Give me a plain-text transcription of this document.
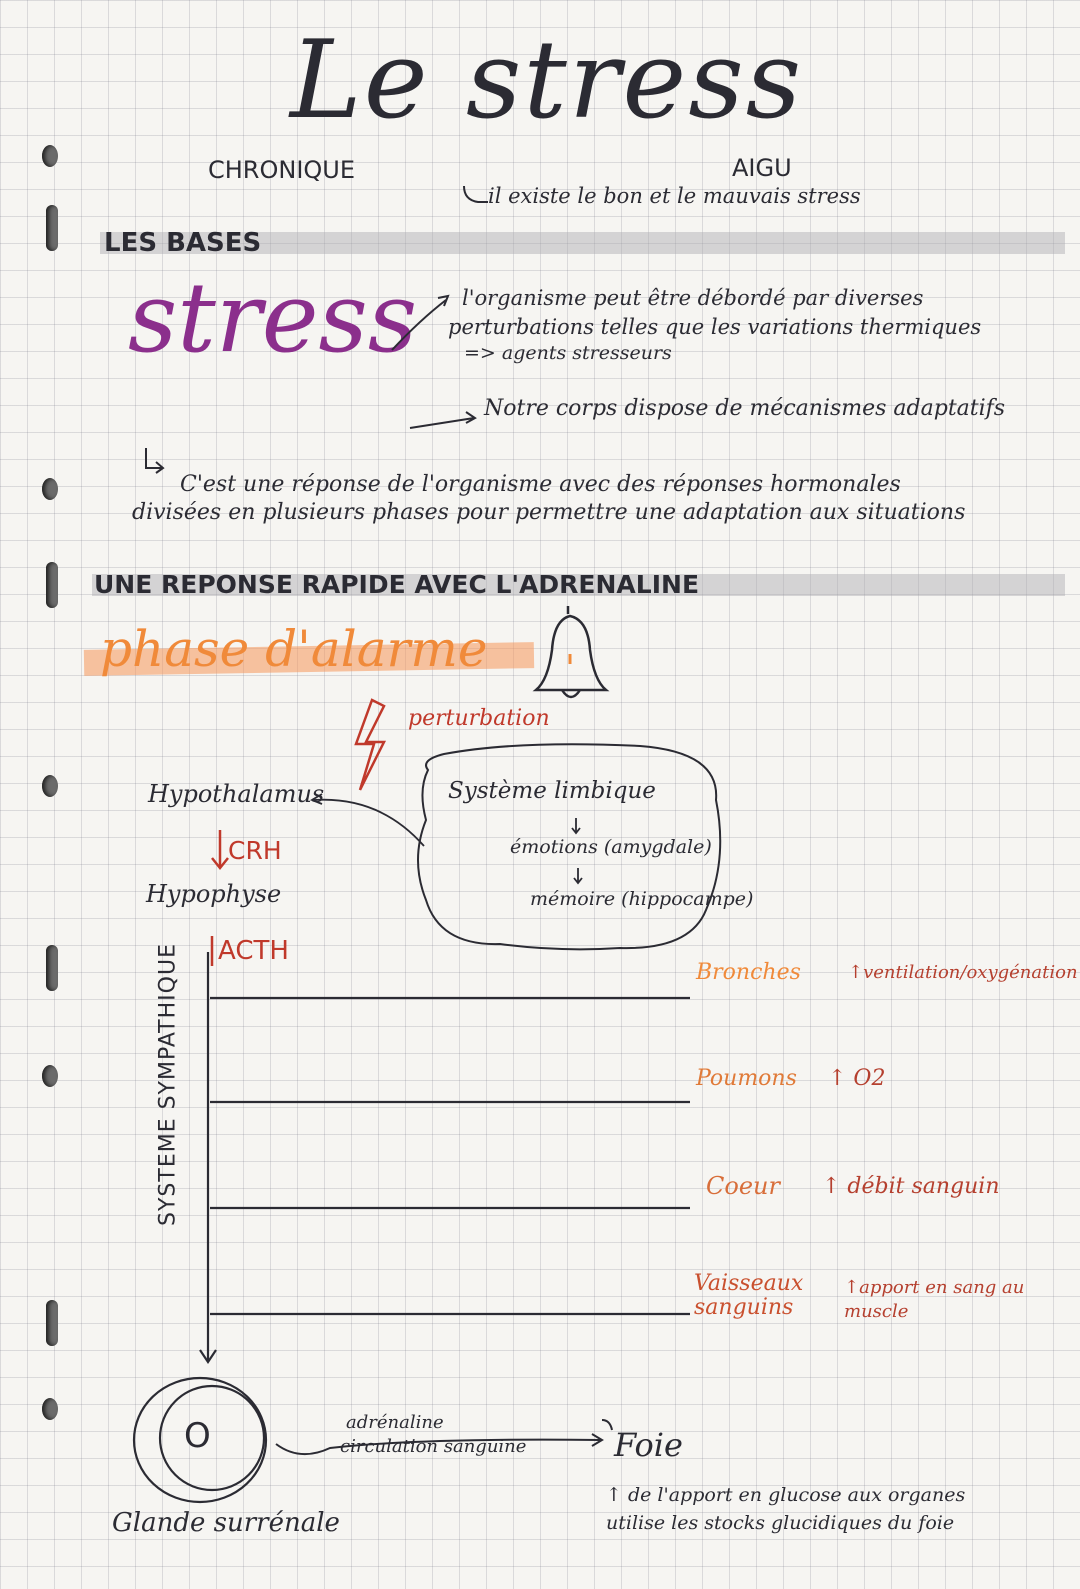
Le stress
CHRONIQUE	AIGU
il existe le bon et le mauvais stress
LES BASES
stress l'organisme peut être débordé par diverses
perturbations telles que les variations thermiques
=> agents stresseurs
Notre corps dispose de mécanismes adaptatifs
C'est une réponse de l'organisme avec des réponses hormonales
divisées en plusieurs phases pour permettre une adaptation aux situations
UNE REPONSE RAPIDE AVEC L'ADRENALINE
phase d'alarme
perturbation
Système limbique
émotions (amygdale)
mémoire (hippocampe)
Hypothalamus
CRH
Hypophyse
ACTH
SYSTEME SYMPATHIQUE	Bronches	↑ventilation/oxygénation
Poumons ↑ O2
Coeur ↑ débit sanguin
Vaisseaux sanguins
↑apport en sang au muscle
O
Glande surrénale
adrénaline
circulation sanguine	Foie
↑ de l'apport en glucose aux organes
utilise les stocks glucidiques du foie
